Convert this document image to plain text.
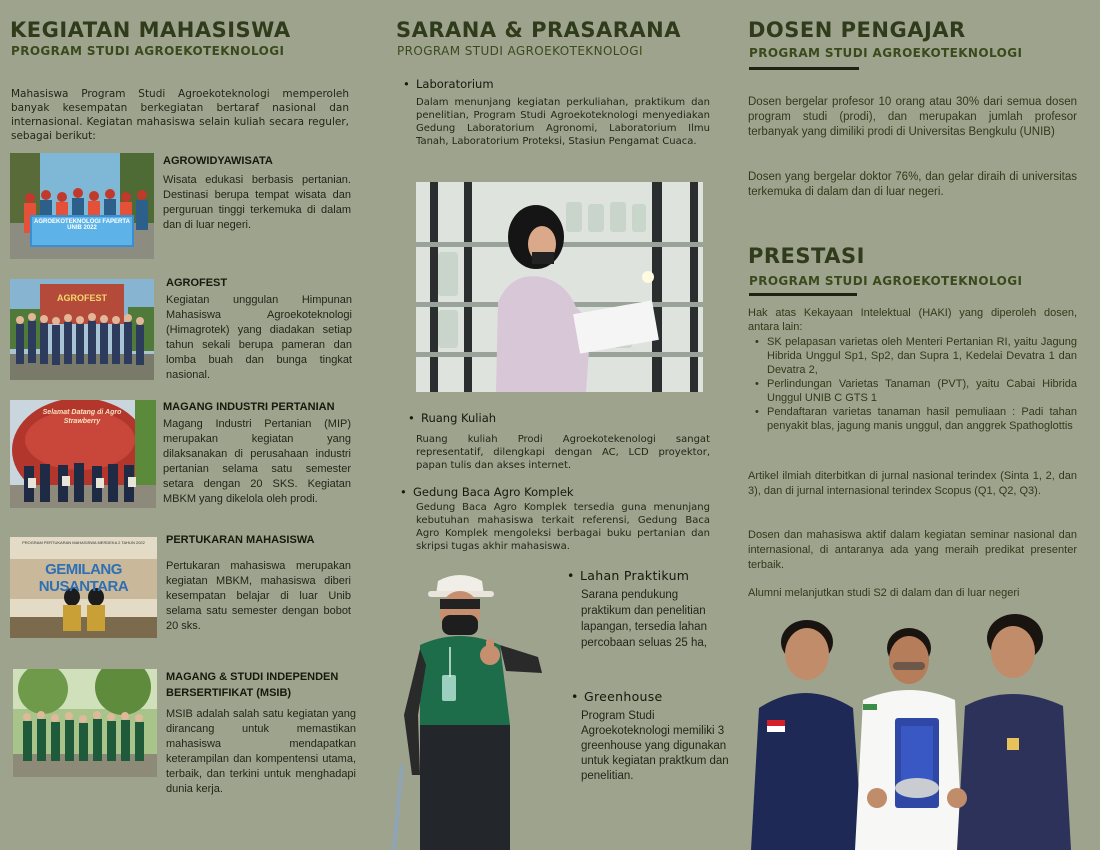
KEGIATAN MAHASISWA
PROGRAM STUDI AGROEKOTEKNOLOGI
Mahasiswa Program Studi Agroekoteknologi memperoleh banyak kesempatan berkegiatan bertaraf nasional dan internasional. Kegiatan mahasiswa selain kuliah secara reguler, sebagai berikut:
AGROEKOTEKNOLOGI FAPERTA UNIB 2022
AGROWIDYAWISATA
Wisata edukasi berbasis pertanian. Destinasi berupa tempat wisata dan perguruan tinggi terkemuka di dalam dan di luar negeri.
AGROFEST
AGROFEST
Kegiatan unggulan Himpunan Mahasiswa Agroekoteknologi (Himagrotek) yang diadakan setiap tahun sekali berupa pameran dan lomba buah dan bunga tingkat nasional.
Selamat Datang di Agro Strawberry
MAGANG INDUSTRI PERTANIAN
Magang Industri Pertanian (MIP) merupakan kegiatan yang dilaksanakan di perusahaan industri pertanian selama satu semester setara dengan 20 SKS. Kegiatan MBKM yang dikelola oleh prodi.
PROGRAM PERTUKARAN MAHASISWA MERDEKA 2 TAHUN 2022
GEMILANG NUSANTARA
PERTUKARAN MAHASISWA
Pertukaran mahasiswa merupakan kegiatan MBKM, mahasiswa diberi kesempatan belajar di luar Unib selama satu semester dengan bobot 20 sks.
MAGANG & STUDI INDEPENDEN BERSERTIFIKAT (MSIB)
MSIB adalah salah satu kegiatan yang dirancang untuk memastikan mahasiswa mendapatkan keterampilan dan kompentensi utama, terbaik, dan terkini untuk menghadapi dunia kerja.
SARANA & PRASARANA
PROGRAM STUDI AGROEKOTEKNOLOGI
• Laboratorium
Dalam menunjang kegiatan perkuliahan, praktikum dan penelitian, Program Studi Agroekoteknologi menyediakan Gedung Laboratorium Agronomi, Laboratorium Ilmu Tanah, Laboratorium Proteksi, Stasiun Pengamat Cuaca.
• Ruang Kuliah
Ruang kuliah Prodi Agroekotekenologi sangat representatif, dilengkapi dengan AC, LCD proyektor, papan tulis dan akses internet.
• Gedung Baca Agro Komplek
Gedung Baca Agro Komplek tersedia guna menunjang kebutuhan mahasiswa terkait referensi, Gedung Baca Agro Komplek mengoleksi berbagai buku pertanian dan skripsi tugas akhir mahasiswa.
• Lahan Praktikum
Sarana pendukung praktikum dan penelitian lapangan, tersedia lahan percobaan seluas 25 ha,
• Greenhouse
Program Studi Agroekoteknologi memiliki 3 greenhouse yang digunakan untuk kegiatan praktkum dan penelitian.
DOSEN PENGAJAR
PROGRAM STUDI AGROEKOTEKNOLOGI
Dosen bergelar profesor 10 orang atau 30% dari semua dosen program studi (prodi), dan merupakan jumlah profesor terbanyak yang dimiliki prodi di Universitas Bengkulu (UNIB)
Dosen yang bergelar doktor 76%, dan gelar diraih di universitas terkemuka di dalam dan di luar negeri.
PRESTASI
PROGRAM STUDI AGROEKOTEKNOLOGI
Hak atas Kekayaan Intelektual (HAKI) yang diperoleh dosen, antara lain:
• SK pelapasan varietas oleh Menteri Pertanian RI, yaitu Jagung Hibrida Unggul Sp1, Sp2, dan Supra 1, Kedelai Devatra 1 dan Devatra 2,
• Perlindungan Varietas Tanaman (PVT), yaitu Cabai Hibrida Unggul UNIB C GTS 1
• Pendaftaran varietas tanaman hasil pemuliaan : Padi tahan penyakit blas, jagung manis unggul, dan anggrek Spathoglottis
Artikel ilmiah diterbitkan di jurnal nasional terindex (Sinta 1, 2, dan 3), dan di jurnal internasional terindex Scopus (Q1, Q2, Q3).
Dosen dan mahasiswa aktif dalam kegiatan seminar nasional dan internasional, di antaranya ada yang meraih predikat presenter terbaik.
Alumni melanjutkan studi S2 di dalam dan di luar negeri
